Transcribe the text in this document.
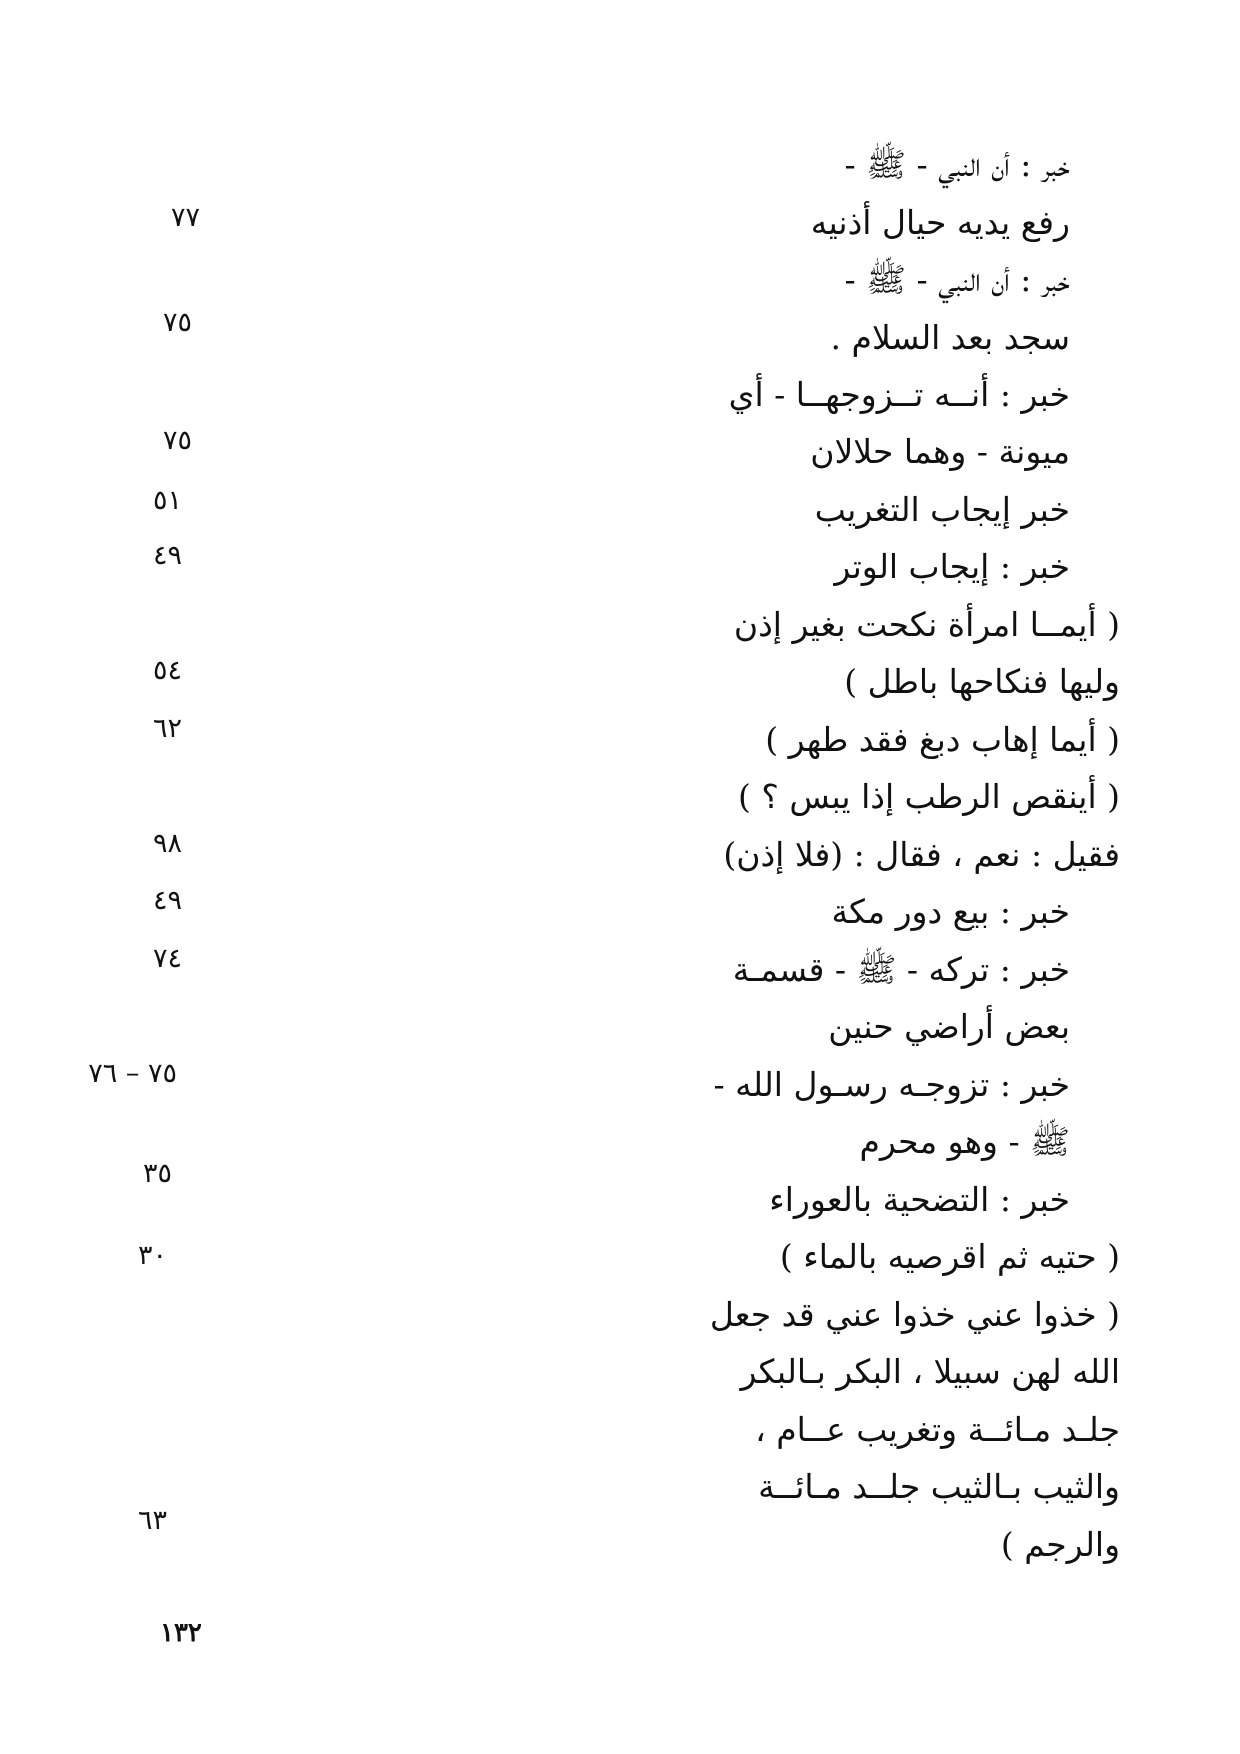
خبر : أن النبي - ﷺ -
رفع يديه حيال أذنيه
خبر : أن النبي - ﷺ -
سجد بعد السلام .
خبر : أنــه تــزوجهــا - أي
ميونة - وهما حلالان
خبر إيجاب التغريب
خبر : إيجاب الوتر
( أيمــا امرأة نكحت بغير إذن
وليها فنكاحها باطل )
( أيما إهاب دبغ فقد طهر )
( أينقص الرطب إذا يبس ؟ )
فقيل : نعم ، فقال : (فلا إذن)
خبر : بيع دور مكة
خبر : تركه - ﷺ - قسمـة
بعض أراضي حنين
خبر : تزوجـه رسـول الله -
ﷺ - وهو محرم
خبر : التضحية بالعوراء
( حتيه ثم اقرصيه بالماء )
( خذوا عني خذوا عني قد جعل
الله لهن سبيلا ، البكر بـالبكر
جلـد مـائــة وتغريب عــام ،
والثيب بـالثيب جلــد مـائــة
والرجم )
٧٧
٧٥
٧٥
٥١
٤٩
٥٤
٦٢
٩٨
٤٩
٧٤
٧٥ – ٧٦
٣٥
٣٠
٦٣
١٣٢
